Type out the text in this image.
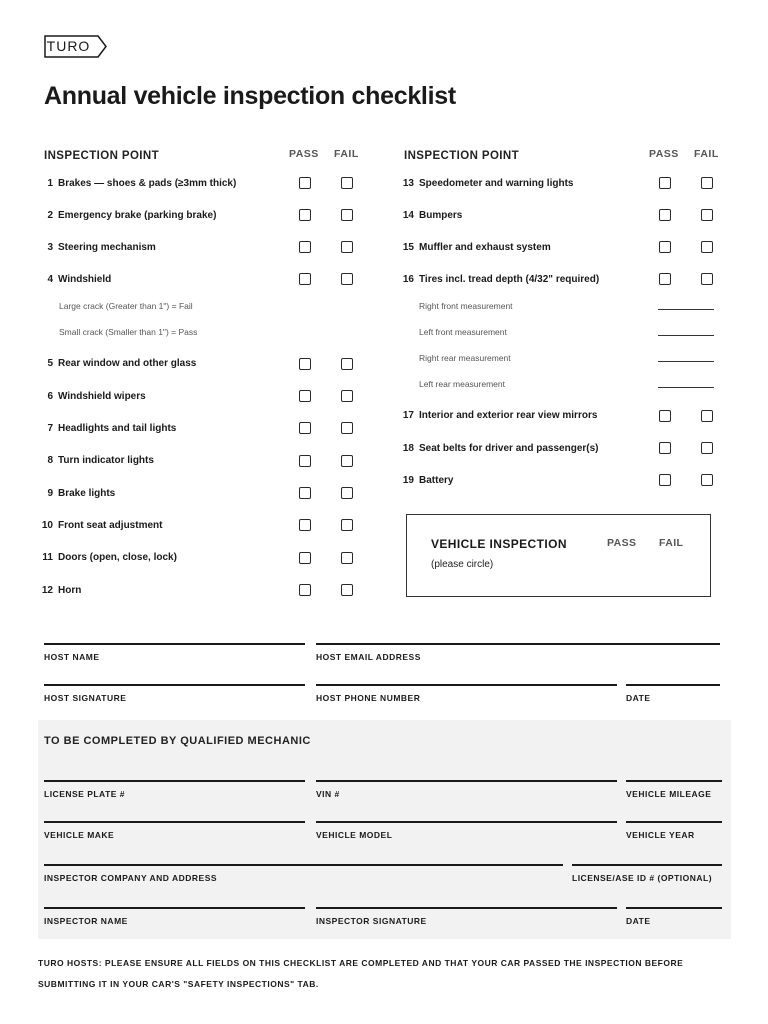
TURO
Annual vehicle inspection checklist
INSPECTION POINT	PASS FAIL	INSPECTION POINT	PASS FAIL
1 Brakes — shoes & pads (≥3mm thick)
2 Emergency brake (parking brake)
3 Steering mechanism
4 Windshield
Large crack (Greater than 1") = Fail
Small crack (Smaller than 1") = Pass
5 Rear window and other glass
6 Windshield wipers
7 Headlights and tail lights
8 Turn indicator lights
9 Brake lights
10 Front seat adjustment
11 Doors (open, close, lock)
12 Horn
13 Speedometer and warning lights
14 Bumpers
15 Muffler and exhaust system
16 Tires incl. tread depth (4/32" required)
Right front measurement
Left front measurement
Right rear measurement
Left rear measurement
17 Interior and exterior rear view mirrors
18 Seat belts for driver and passenger(s)
19 Battery
VEHICLE INSPECTION	PASS FAIL
(please circle)
HOST NAME	HOST EMAIL ADDRESS
HOST SIGNATURE	HOST PHONE NUMBER	DATE
TO BE COMPLETED BY QUALIFIED MECHANIC
LICENSE PLATE #	VIN #	VEHICLE MILEAGE
VEHICLE MAKE	VEHICLE MODEL	VEHICLE YEAR
INSPECTOR COMPANY AND ADDRESS	LICENSE/ASE ID # (OPTIONAL)
INSPECTOR NAME	INSPECTOR SIGNATURE	DATE
TURO HOSTS: PLEASE ENSURE ALL FIELDS ON THIS CHECKLIST ARE COMPLETED AND THAT YOUR CAR PASSED THE INSPECTION BEFORE
SUBMITTING IT IN YOUR CAR'S "SAFETY INSPECTIONS" TAB.
